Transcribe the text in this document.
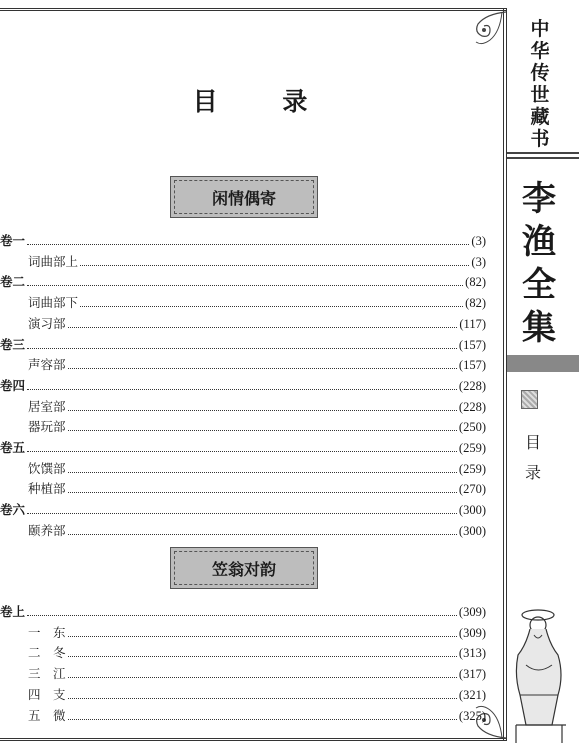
目 录
闲情偶寄
笠翁对韵
卷一	(3)
词曲部上	(3)
卷二	(82)
词曲部下	(82)
演习部	(117)
卷三	(157)
声容部	(157)
卷四	(228)
居室部	(228)
器玩部	(250)
卷五	(259)
饮馔部	(259)
种植部	(270)
卷六	(300)
颐养部	(300)
卷上	(309)
一　东	(309)
二　冬	(313)
三　江	(317)
四　支	(321)
五　微	(325)
中
华
传
世
藏
书
李
渔
全
集
目
录
